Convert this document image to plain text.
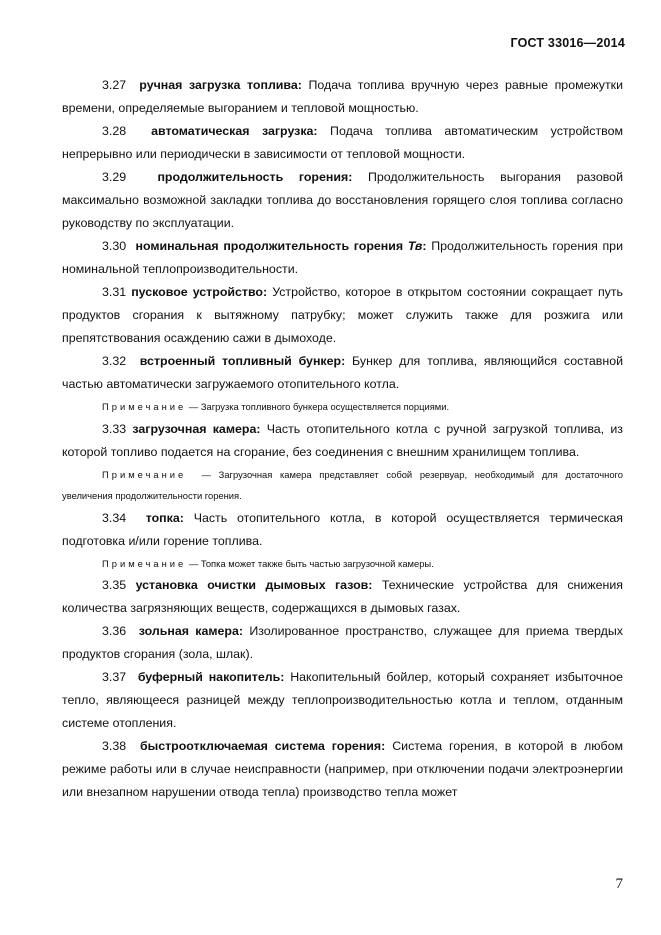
ГОСТ 33016—2014

3.27 ручная загрузка топлива: Подача топлива вручную через равные промежутки времени, определяемые выгоранием и тепловой мощностью.

3.28 автоматическая загрузка: Подача топлива автоматическим устройством непрерывно или периодически в зависимости от тепловой мощности.

3.29	продолжительность горения: Продолжительность выгорания разовой максимально возможной закладки топлива до восстановления горящего слоя топлива согласно руководству по эксплуатации.

3.30 номинальная продолжительность горения Тв: Продолжительность горения при номинальной теплопроизводительности.

3.31 пусковое устройство: Устройство, которое в открытом состоянии сокращает путь продуктов сгорания к вытяжному патрубку; может служить также для розжига или препятствования осаждению сажи в дымоходе.

3.32 встроенный топливный бункер: Бункер для топлива, являющийся составной частью автоматически загружаемого отопительного котла.

Примечание — Загрузка топливного бункера осуществляется порциями.

3.33 загрузочная камера: Часть отопительного котла с ручной загрузкой топлива, из которой топливо подается на сгорание, без соединения с внешним хранилищем топлива.

Примечание — Загрузочная камера представляет собой резервуар, необходимый для достаточного увеличения продолжительности горения.

3.34 топка: Часть отопительного котла, в которой осуществляется термическая подготовка и/или горение топлива.

Примечание — Топка может также быть частью загрузочной камеры.

3.35 установка очистки дымовых газов: Технические устройства для снижения количества загрязняющих веществ, содержащихся в дымовых газах.

3.36 зольная камера: Изолированное пространство, служащее для приема твердых продуктов сгорания (зола, шлак).

3.37 буферный накопитель: Накопительный бойлер, который сохраняет избыточное тепло, являющееся разницей между теплопроизводительностью котла и теплом, отданным системе отопления.

3.38 быстроотключаемая система горения: Система горения, в которой в любом режиме работы или в случае неисправности (например, при отключении подачи электроэнергии или внезапном нарушении отвода тепла) производство тепла может

7
